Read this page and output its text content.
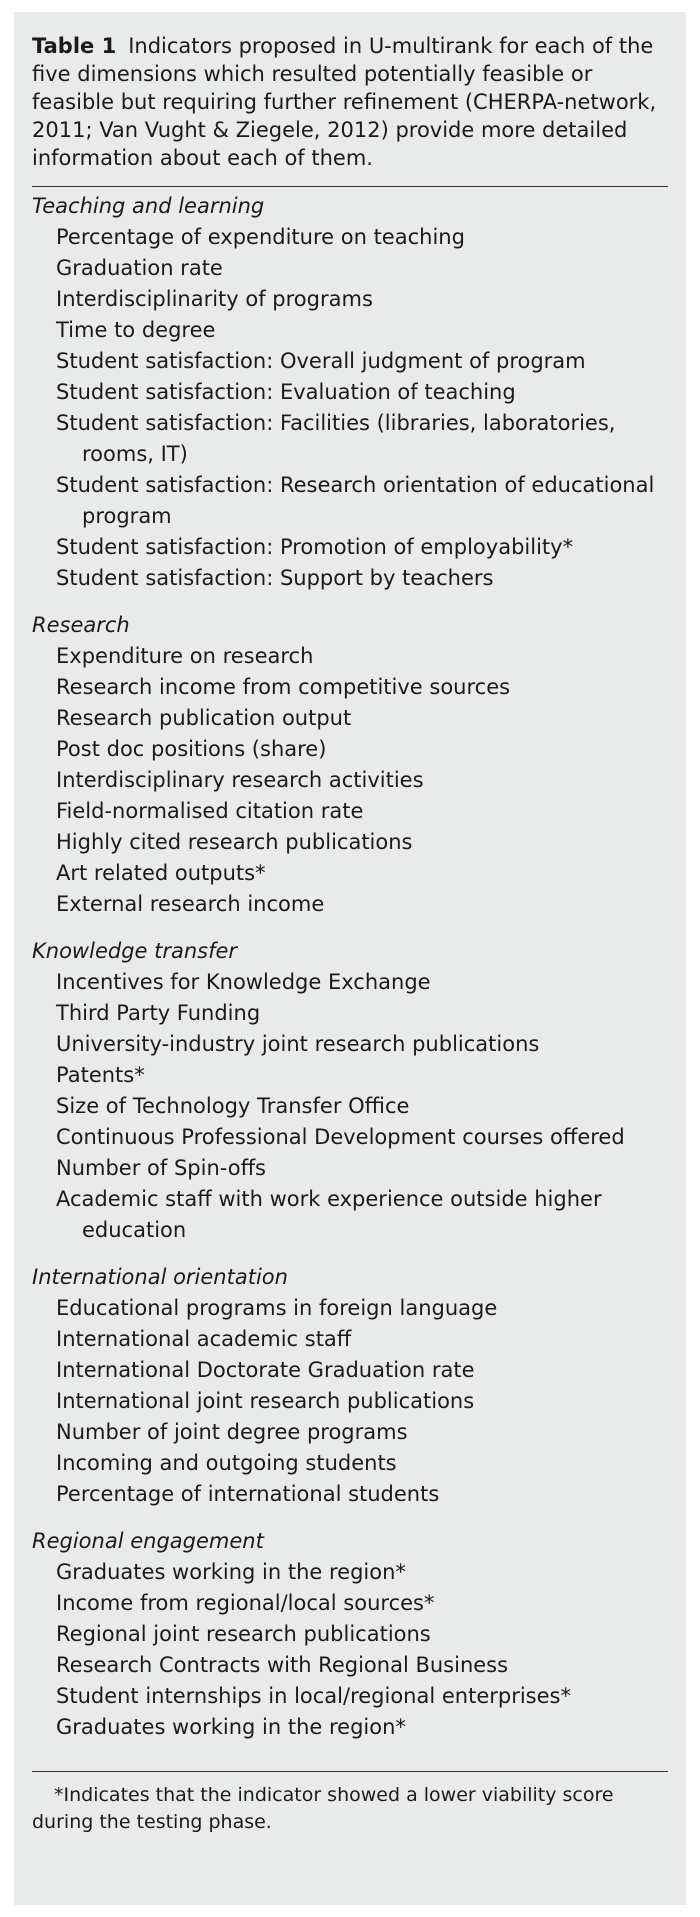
Table 1 Indicators proposed in U-multirank for each of the five dimensions which resulted potentially feasible or feasible but requiring further refinement (CHERPA-network, 2011; Van Vught & Ziegele, 2012) provide more detailed information about each of them.

Teaching and learning

Percentage of expenditure on teaching
Graduation rate
Interdisciplinarity of programs
Time to degree
Student satisfaction: Overall judgment of program
Student satisfaction: Evaluation of teaching
Student satisfaction: Facilities (libraries, laboratories, rooms, IT)
Student satisfaction: Research orientation of educational program
Student satisfaction: Promotion of employability*
Student satisfaction: Support by teachers

Research

Expenditure on research
Research income from competitive sources
Research publication output
Post doc positions (share)
Interdisciplinary research activities
Field-normalised citation rate
Highly cited research publications
Art related outputs*
External research income

Knowledge transfer

Incentives for Knowledge Exchange
Third Party Funding
University-industry joint research publications
Patents*
Size of Technology Transfer Office
Continuous Professional Development courses offered
Number of Spin-offs
Academic staff with work experience outside higher education

International orientation

Educational programs in foreign language
International academic staff
International Doctorate Graduation rate
International joint research publications
Number of joint degree programs
Incoming and outgoing students
Percentage of international students

Regional engagement

Graduates working in the region*
Income from regional/local sources*
Regional joint research publications
Research Contracts with Regional Business
Student internships in local/regional enterprises*
Graduates working in the region*

*Indicates that the indicator showed a lower viability score during the testing phase.
